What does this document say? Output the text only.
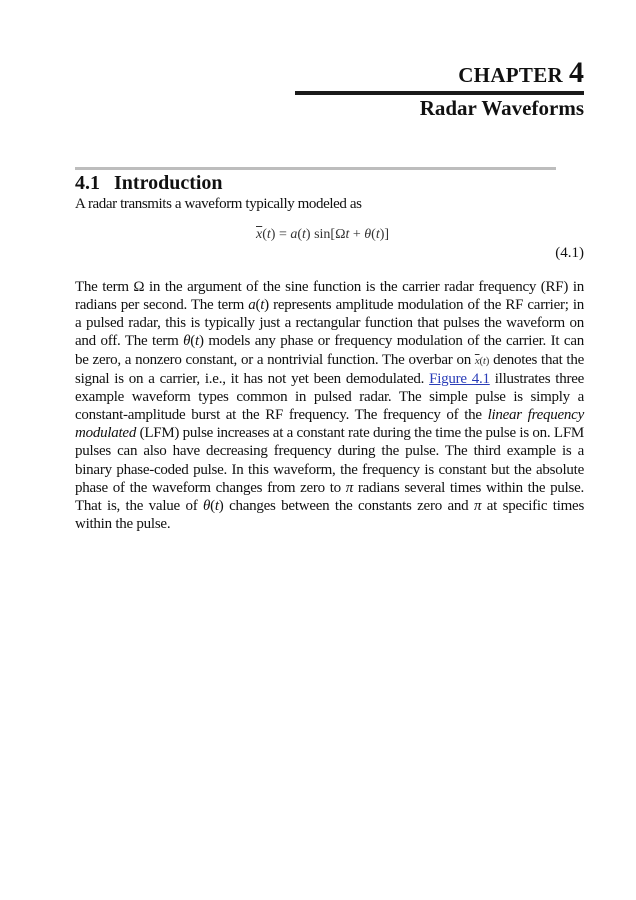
CHAPTER 4
Radar Waveforms
4.1 Introduction
A radar transmits a waveform typically modeled as
$\overline{x}(t) = a(t) \sin[\Omega t + \theta(t)]$
(4.1)
The term Ω in the argument of the sine function is the carrier radar frequency (RF) in radians per second. The term a(t) represents amplitude modulation of the RF carrier; in a pulsed radar, this is typically just a rectangular function that pulses the waveform on and off. The term θ(t) models any phase or frequency modulation of the carrier. It can be zero, a nonzero constant, or a nontrivial function. The overbar on $\overline{x}(t)$ denotes that the signal is on a carrier, i.e., it has not yet been demodulated. Figure 4.1 illustrates three example waveform types common in pulsed radar. The simple pulse is simply a constant-amplitude burst at the RF frequency. The frequency of the linear frequency modulated (LFM) pulse increases at a constant rate during the time the pulse is on. LFM pulses can also have decreasing frequency during the pulse. The third example is a binary phase-coded pulse. In this waveform, the frequency is constant but the absolute phase of the waveform changes from zero to π radians several times within the pulse. That is, the value of θ(t) changes between the constants zero and π at specific times within the pulse.
